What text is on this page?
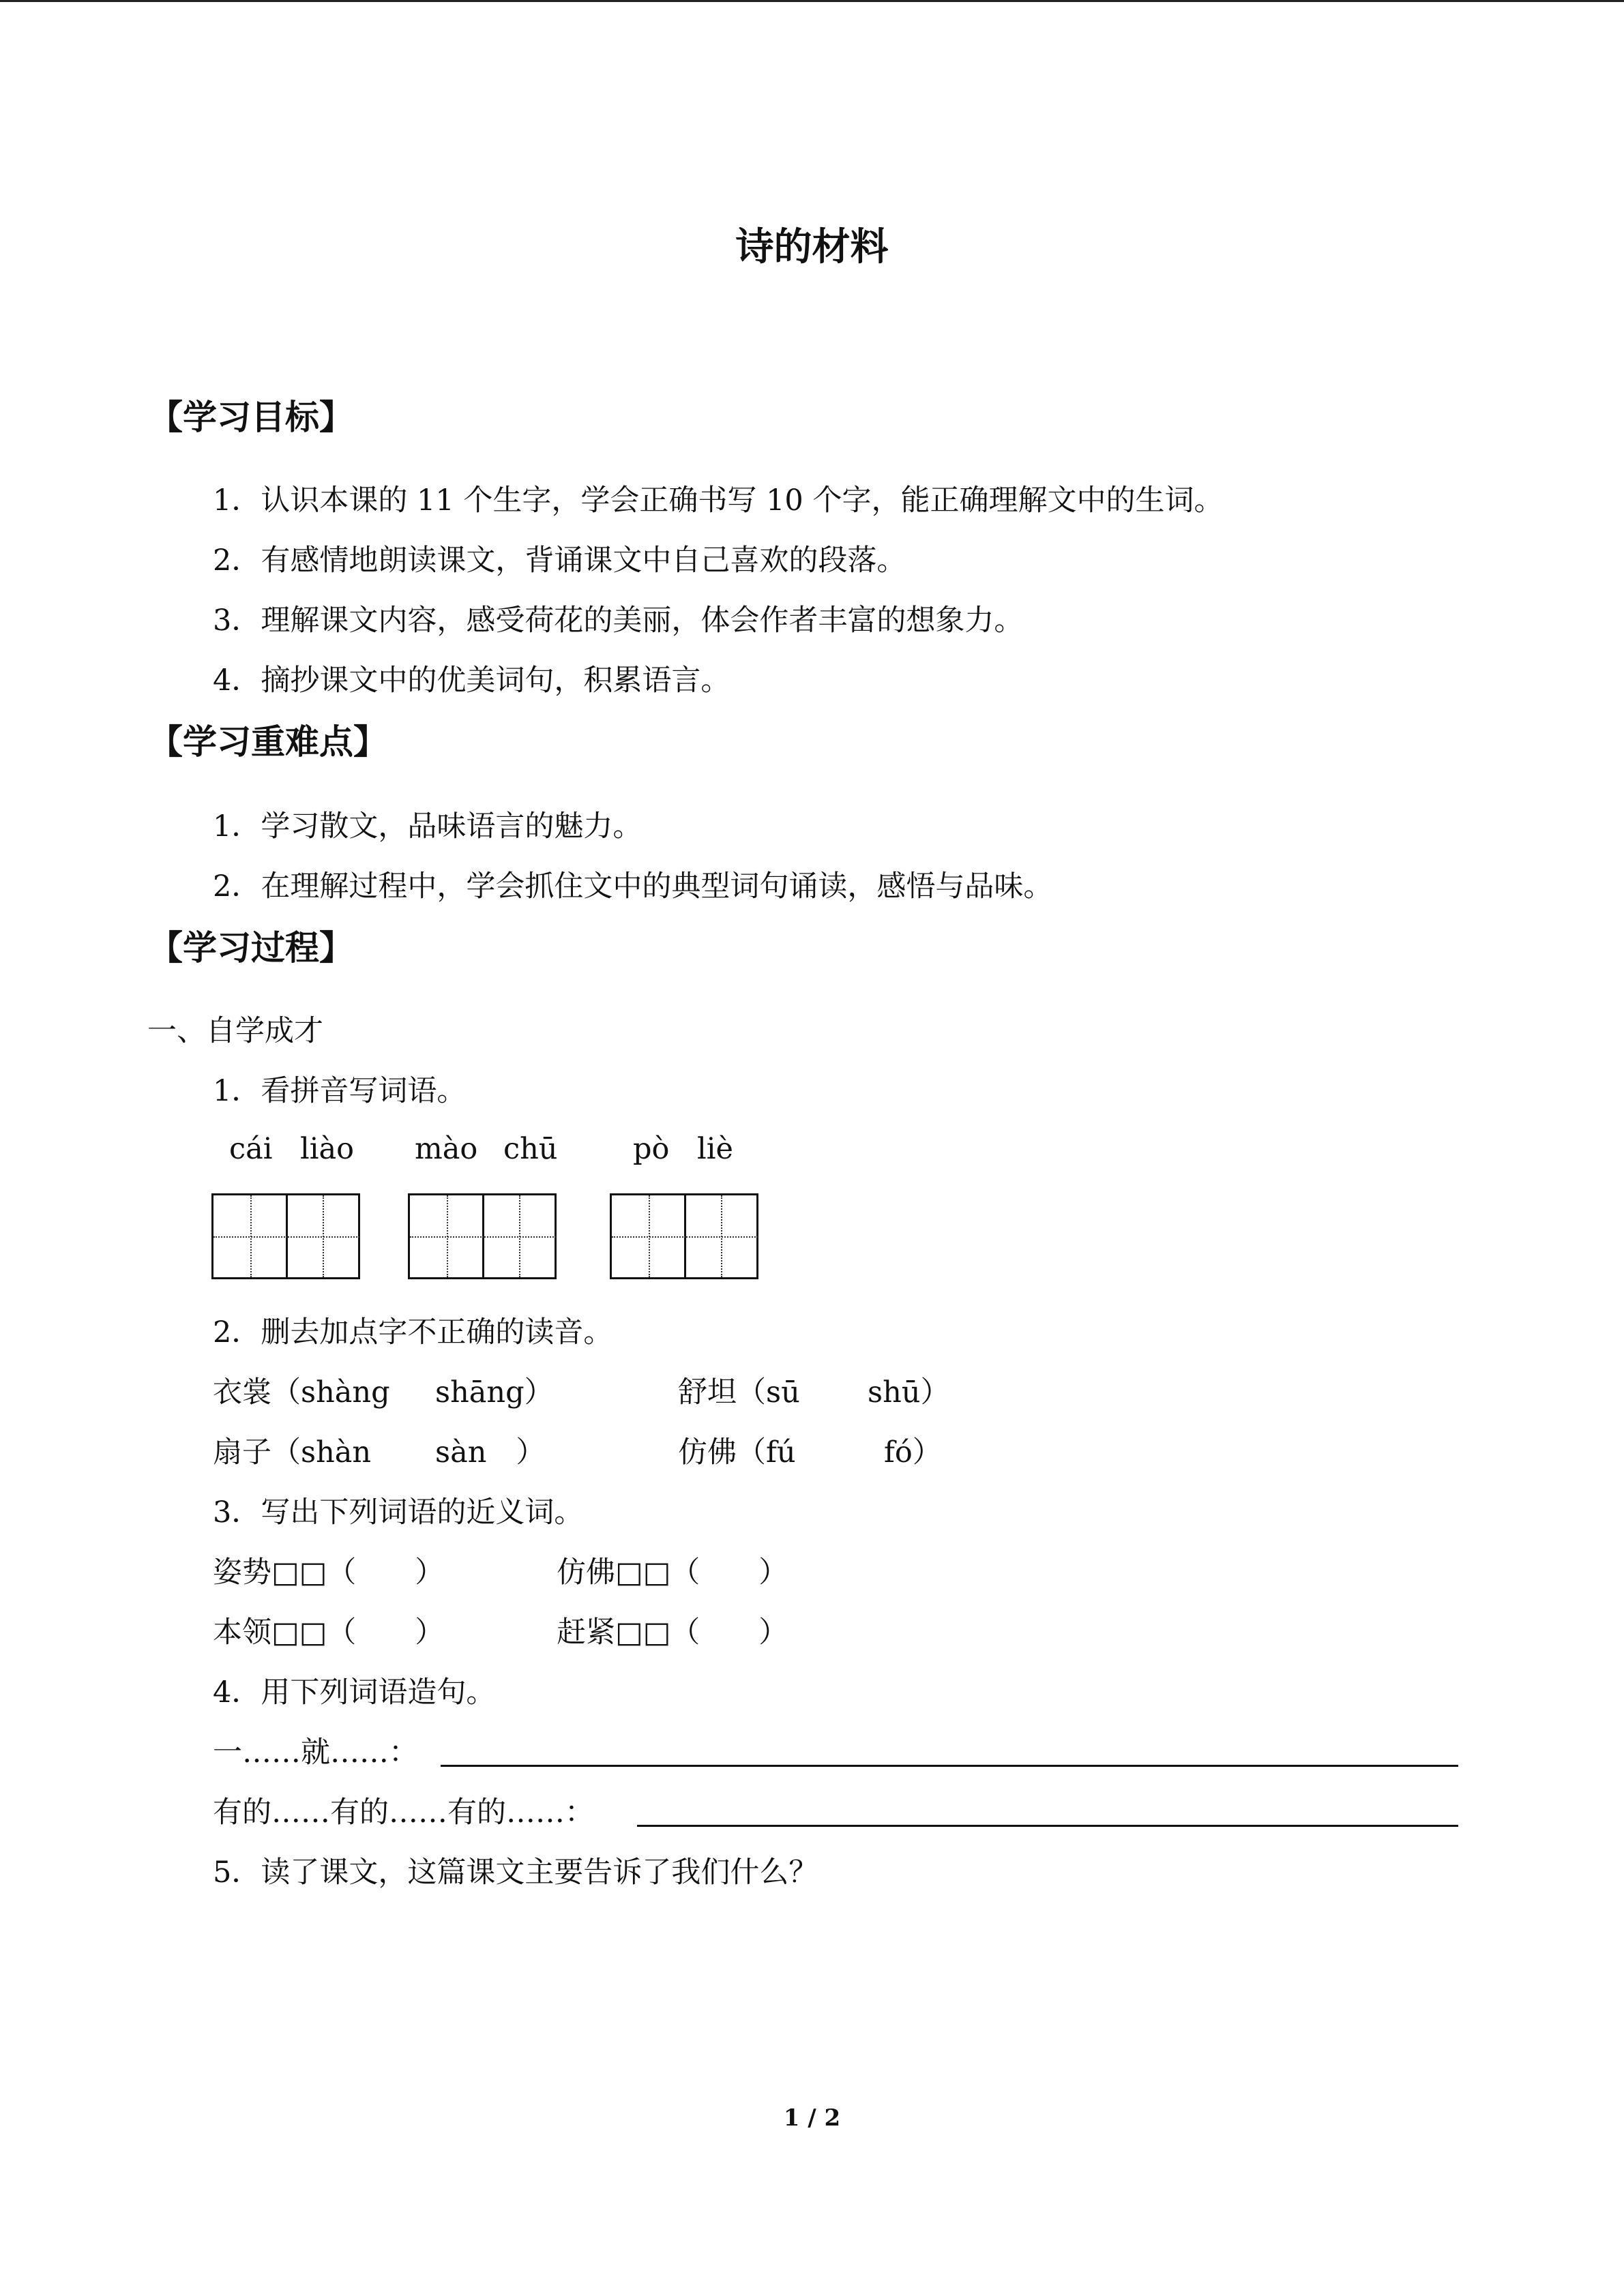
诗的材料
【学习目标】
1．认识本课的 11 个生字，学会正确书写 10 个字，能正确理解文中的生词。
2．有感情地朗读课文，背诵课文中自己喜欢的段落。
3．理解课文内容，感受荷花的美丽，体会作者丰富的想象力。
4．摘抄课文中的优美词句，积累语言。
【学习重难点】
1．学习散文，品味语言的魅力。
2．在理解过程中，学会抓住文中的典型词句诵读，感悟与品味。
【学习过程】
一、自学成才
1．看拼音写词语。
cái liào mào chū	pò liè
2．删去加点字不正确的读音。
衣裳（shàng shāng）	舒坦（sū shū）
扇子（shàn sàn　）	仿佛（fú	fó）
3．写出下列词语的近义词。
姿势□□（　　）	仿佛□□（　　）
本领□□（　　）	赶紧□□（　　）
4．用下列词语造句。
一……就……：
有的……有的……有的……：
5．读了课文，这篇课文主要告诉了我们什么？
1 / 2
